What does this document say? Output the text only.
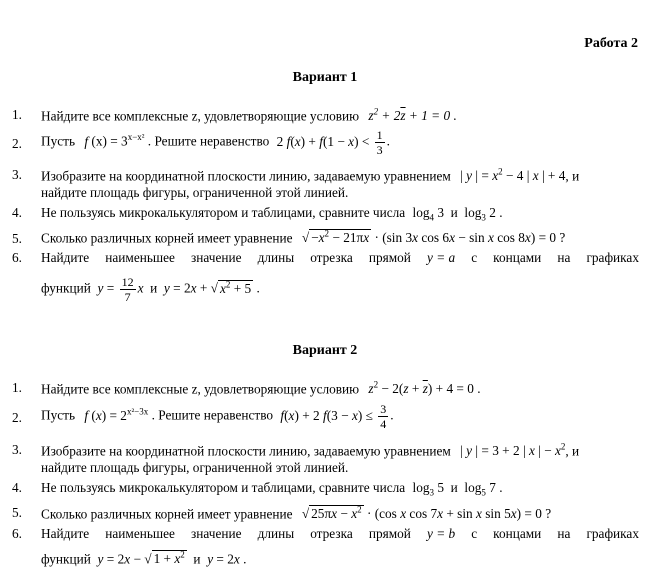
Работа 2
Вариант 1
1. Найдите все комплексные z, удовлетворяющие условию $z^2 + 2\overline{z} + 1 = 0$ .
2. Пусть f $(x) = 3^{x-x^2}$ . Решите неравенство 2 $f(x) + f(1 - x) < \frac{1}{3}$ .
3. Изобразите на координатной плоскости линию, задаваемую уравнением | y | = $x^2 - 4$ | x | + 4, и
найдите площадь фигуры, ограниченной этой линией.
4. Не пользуясь микрокалькулятором и таблицами, сравните числа $\log_4 3$  и  $\log_3 2$ .
5. Сколько различных корней имеет уравнение √ $-x^2 - 21\pi x \cdot (\sin$ 3x cos 6x − sin x cos 8x) = 0 ?
6. Найдите наименьшее значение длины отрезка прямой y = a с концами на графиках
функций  $y = \frac{12}{7}$ x  и  y = 2x + √ $x^2 + 5$ .
Вариант 2
1. Найдите все комплексные z, удовлетворяющие условию $z^2 - 2(z + \overline{z}) + 4 = 0$ .
2. Пусть f $(x) = 2^{x^2-3x}$ . Решите неравенство f(x) + 2 $f(3 - x) \le \frac{3}{4}$ .
3. Изобразите на координатной плоскости линию, задаваемую уравнением | y | = 3 + 2 | x | − $x^2$, и
найдите площадь фигуры, ограниченной этой линией.
4. Не пользуясь микрокалькулятором и таблицами, сравните числа $\log_3 5$  и  $\log_5 7$ .
5. Сколько различных корней имеет уравнение √ $25\pi x - x^2 \cdot (\cos$ x cos 7x + sin x sin 5x) = 0 ?
6. Найдите наименьшее значение длины отрезка прямой y = b с концами на графиках
функций  y = 2x − √ $1 + x^2$  и  y = 2x .
